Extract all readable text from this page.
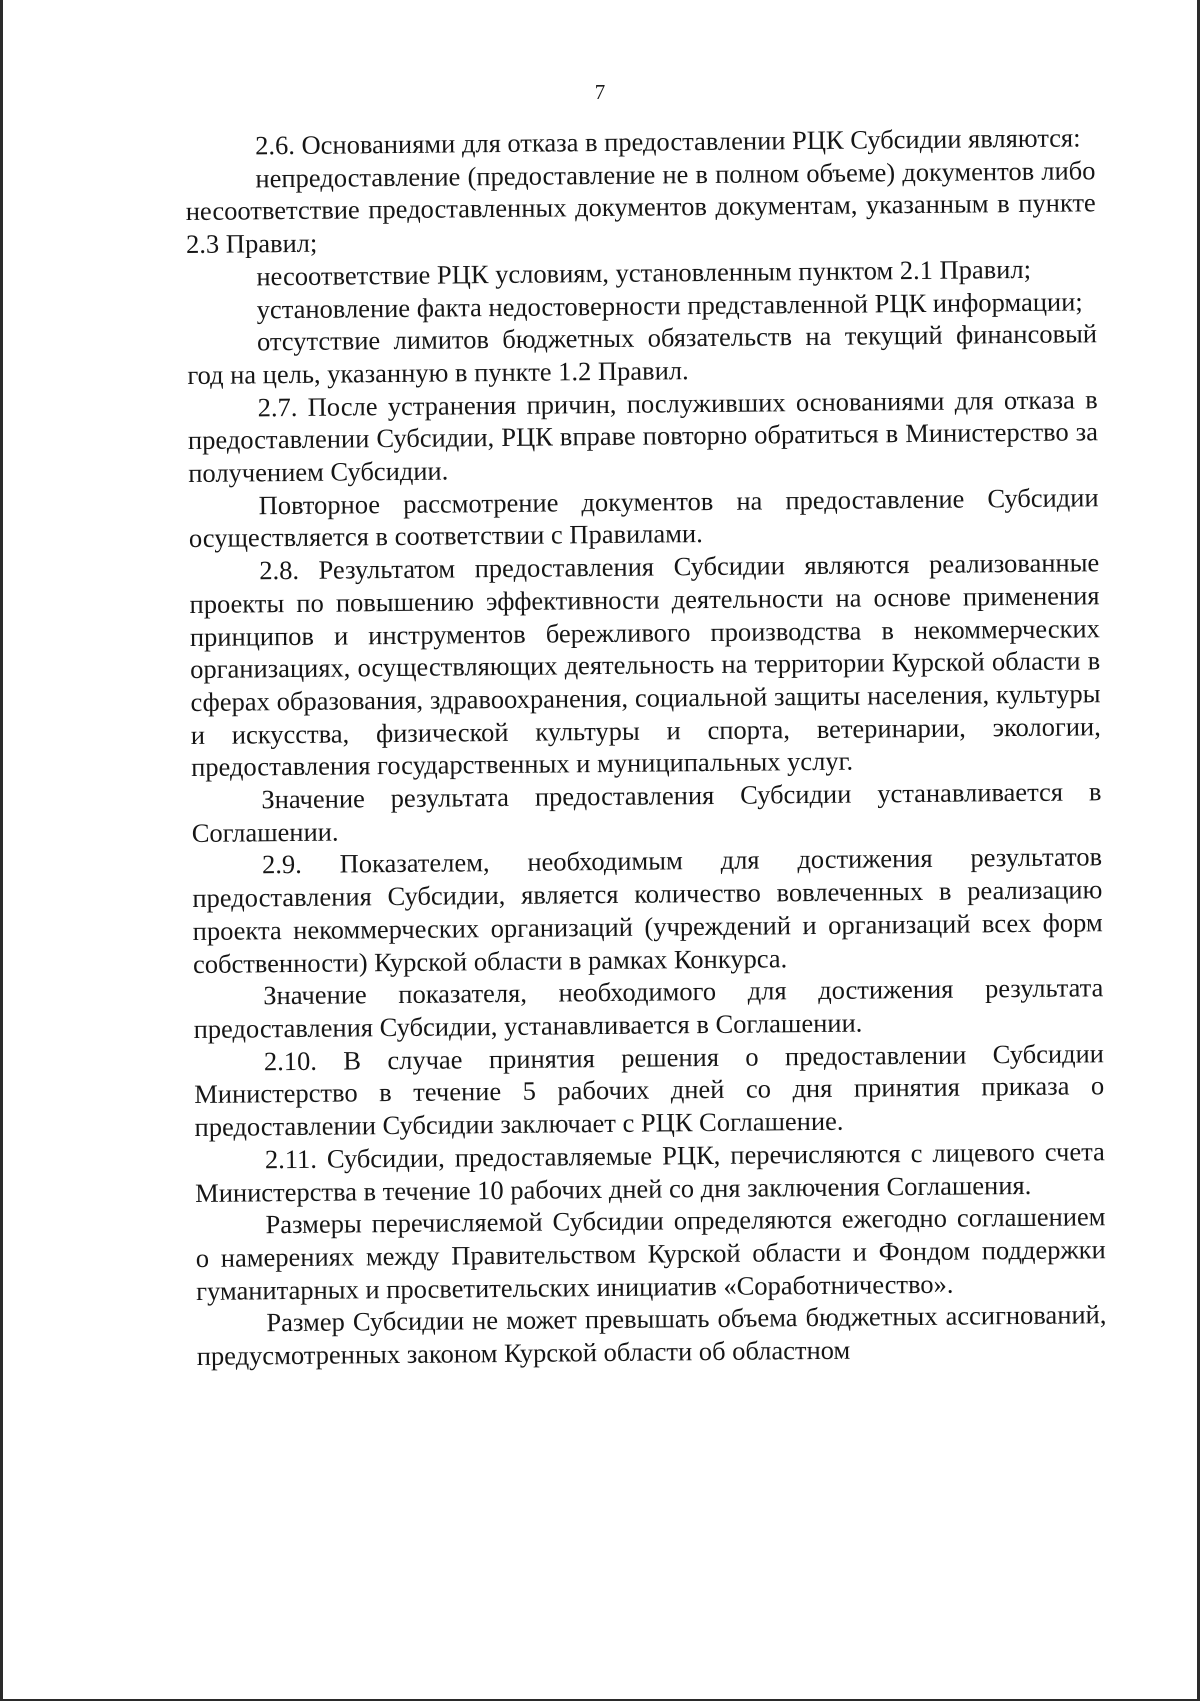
7

2.6. Основаниями для отказа в предоставлении РЦК Субсидии являются:

непредоставление (предоставление не в полном объеме) документов либо несоответствие предоставленных документов документам, указанным в пункте 2.3 Правил;

несоответствие РЦК условиям, установленным пунктом 2.1 Правил;

установление факта недостоверности представленной РЦК информации;

отсутствие лимитов бюджетных обязательств на текущий финансовый год на цель, указанную в пункте 1.2 Правил.

2.7. После устранения причин, послуживших основаниями для отказа в предоставлении Субсидии, РЦК вправе повторно обратиться в Министерство за получением Субсидии.

Повторное рассмотрение документов на предоставление Субсидии осуществляется в соответствии с Правилами.

2.8. Результатом предоставления Субсидии являются реализованные проекты по повышению эффективности деятельности на основе применения принципов и инструментов бережливого производства в некоммерческих организациях, осуществляющих деятельность на территории Курской области в сферах образования, здравоохранения, социальной защиты населения, культуры и искусства, физической культуры и спорта, ветеринарии, экологии, предоставления государственных и муниципальных услуг.

Значение результата предоставления Субсидии устанавливается в Соглашении.

2.9. Показателем, необходимым для достижения результатов предоставления Субсидии, является количество вовлеченных в реализацию проекта некоммерческих организаций (учреждений и организаций всех форм собственности) Курской области в рамках Конкурса.

Значение показателя, необходимого для достижения результата предоставления Субсидии, устанавливается в Соглашении.

2.10. В случае принятия решения о предоставлении Субсидии Министерство в течение 5 рабочих дней со дня принятия приказа о предоставлении Субсидии заключает с РЦК Соглашение.

2.11. Субсидии, предоставляемые РЦК, перечисляются с лицевого счета Министерства в течение 10 рабочих дней со дня заключения Соглашения.

Размеры перечисляемой Субсидии определяются ежегодно соглашением о намерениях между Правительством Курской области и Фондом поддержки гуманитарных и просветительских инициатив «Соработничество».

Размер Субсидии не может превышать объема бюджетных ассигнований, предусмотренных законом Курской области об областном
